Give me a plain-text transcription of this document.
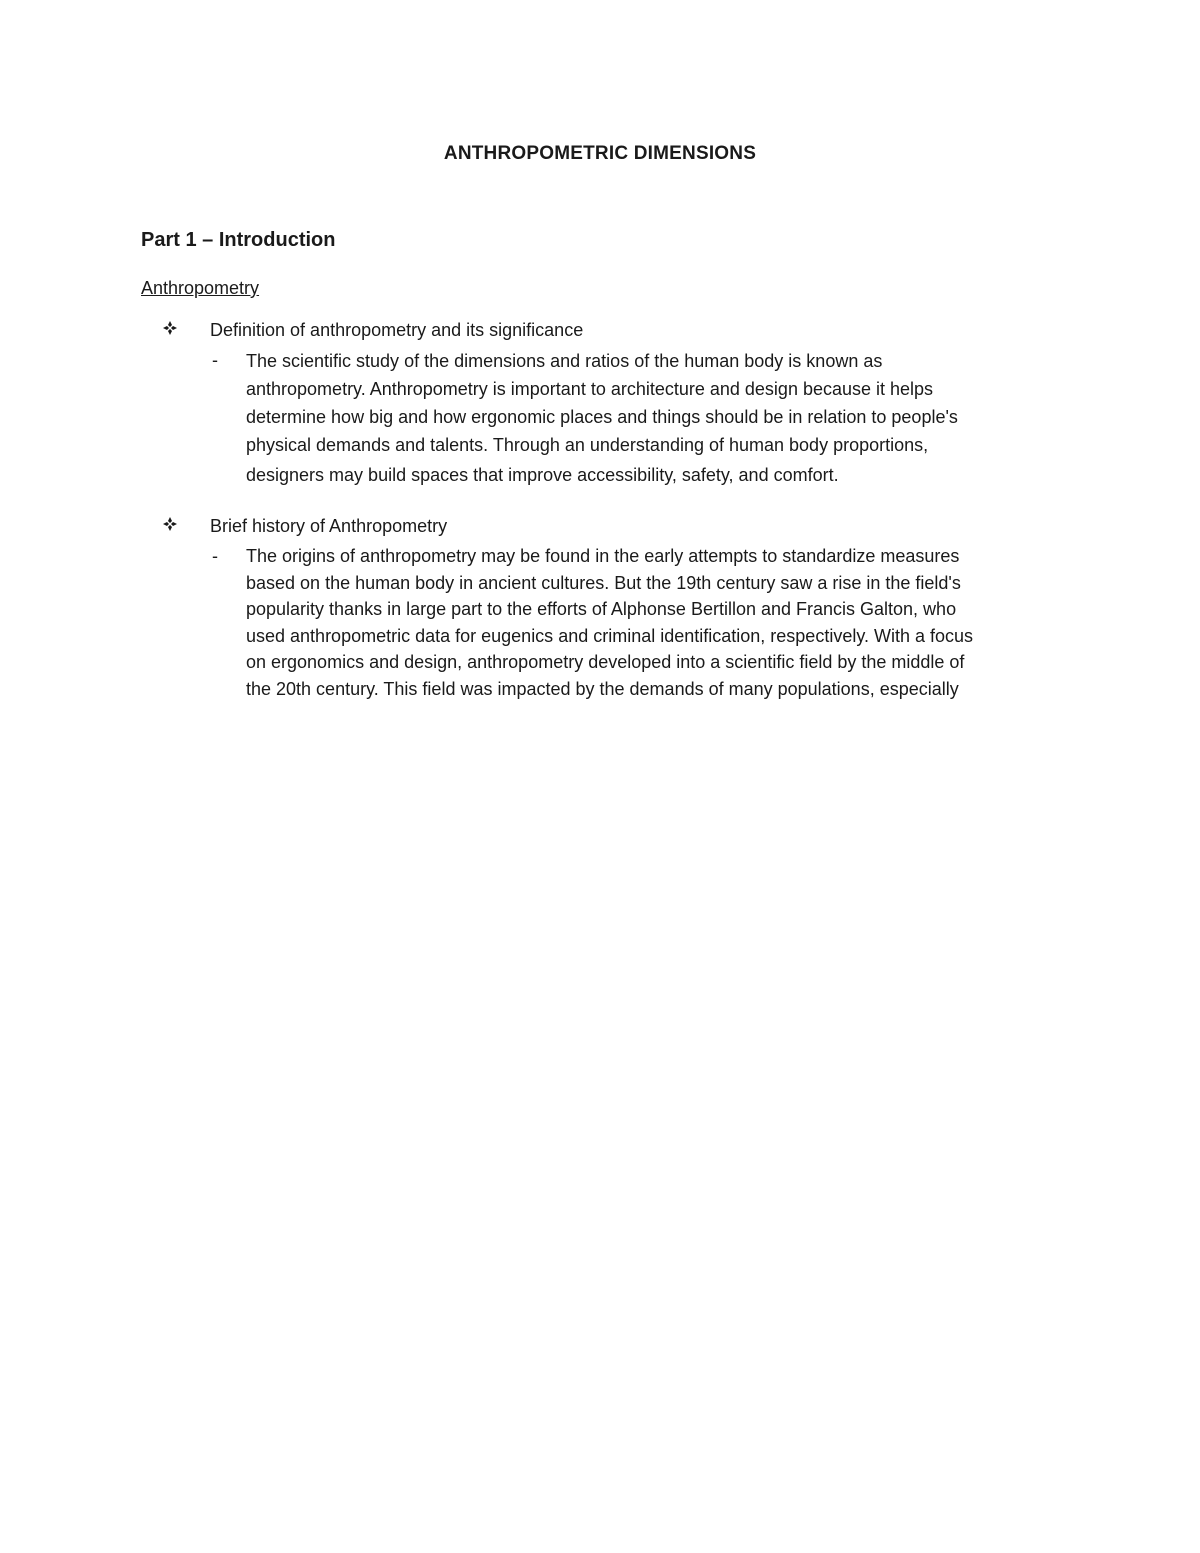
ANTHROPOMETRIC DIMENSIONS
Part 1 – Introduction
Anthropometry
Definition of anthropometry and its significance
- The scientific study of the dimensions and ratios of the human body is known as
anthropometry. Anthropometry is important to architecture and design because it helps
determine how big and how ergonomic places and things should be in relation to people's
physical demands and talents. Through an understanding of human body proportions,
designers may build spaces that improve accessibility, safety, and comfort.
Brief history of Anthropometry
- The origins of anthropometry may be found in the early attempts to standardize measures
based on the human body in ancient cultures. But the 19th century saw a rise in the field's
popularity thanks in large part to the efforts of Alphonse Bertillon and Francis Galton, who
used anthropometric data for eugenics and criminal identification, respectively. With a focus
on ergonomics and design, anthropometry developed into a scientific field by the middle of
the 20th century. This field was impacted by the demands of many populations, especially
